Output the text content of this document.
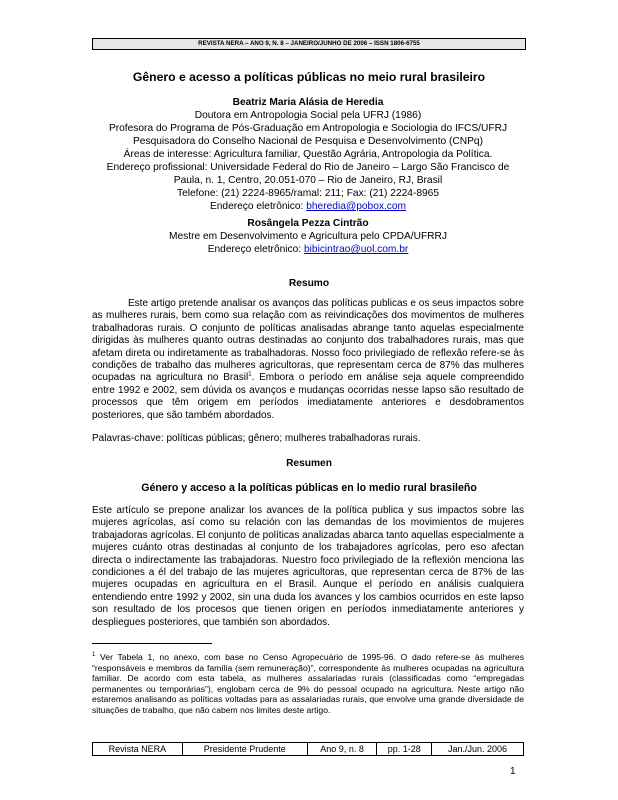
REVISTA NERA – ANO 9, N. 8 – JANEIRO/JUNHO DE 2006 – ISSN 1806-6755
Gênero e acesso a políticas públicas no meio rural brasileiro
Beatriz Maria Alásia de Heredia
Doutora em Antropologia Social pela UFRJ (1986)
Profesora do Programa de Pós-Graduação em Antropologia e Sociologia do IFCS/UFRJ
Pesquisadora do Conselho Nacional de Pesquisa e Desenvolvimento (CNPq)
Áreas de interesse: Agricultura familiar, Questão Agrária, Antropologia da Política.
Endereço profissional: Universidade Federal do Rio de Janeiro – Largo São Francisco de
Paula, n. 1, Centro, 20.051-070 – Rio de Janeiro, RJ, Brasil
Telefone: (21) 2224-8965/ramal: 211; Fax: (21) 2224-8965
Endereço eletrônico: bheredia@pobox.com
Rosângela Pezza Cintrão
Mestre em Desenvolvimento e Agricultura pelo CPDA/UFRRJ
Endereço eletrônico: bibicintrao@uol.com.br
Resumo

Este artigo pretende analisar os avanços das políticas publicas e os seus impactos sobre as mulheres rurais, bem como sua relação com as reivindicações dos movimentos de mulheres trabalhadoras rurais. O conjunto de políticas analisadas abrange tanto aquelas especialmente dirigidas às mulheres quanto outras destinadas ao conjunto dos trabalhadores rurais, mas que afetam direta ou indiretamente as trabalhadoras. Nosso foco privilegiado de reflexão refere-se às condições de trabalho das mulheres agricultoras, que representam cerca de 87% das mulheres ocupadas na agricultura no Brasil$^1$. Embora o período em análise seja aquele compreendido entre 1992 e 2002, sem dúvida os avanços e mudanças ocorridas nesse lapso são resultado de processos que têm origem em períodos imediatamente anteriores e desdobramentos posteriores, que são também abordados.

Palavras-chave: políticas públicas; gênero; mulheres trabalhadoras rurais.
Resumen
Género y acceso a la políticas públicas en lo medio rural brasileño

Este artículo se prepone analizar los avances de la política publica y sus impactos sobre las mujeres agrícolas, así como su relación con las demandas de los movimientos de mujeres trabajadoras agrícolas. El conjunto de políticas analizadas abarca tanto aquellas especialmente a mujeres cuánto otras destinadas al conjunto de los trabajadores agrícolas, pero eso afectan directa o indirectamente las trabajadoras. Nuestro foco privilegiado de la reflexión menciona las condiciones a él del trabajo de las mujeres agricultoras, que representan cerca de 87% de las mujeres ocupadas en agricultura en el Brasil. Aunque el período en análisis cualquiera entendiendo entre 1992 y 2002, sin una duda los avances y los cambios ocurridos en este lapso son resultado de los procesos que tienen origen en períodos inmediatamente anteriores y despliegues posteriores, que también son abordados.

$^1$ Ver Tabela 1, no anexo, com base no Censo Agropecuário de 1995-96. O dado refere-se às mulheres “responsáveis e membros da família (sem remuneração)”, correspondente às mulheres ocupadas na agricultura familiar. De acordo com esta tabela, as mulheres assalariadas rurais (classificadas como “empregadas permanentes ou temporárias”), englobam cerca de 9% do pessoal ocupado na agricultura. Neste artigo não estaremos analisando as políticas voltadas para as assalariadas rurais, que envolve uma grande diversidade de situações de trabalho, que não cabem nos limites deste artigo.
Revista NERA	Presidente Prudente	Ano 9, n. 8	pp. 1-28	Jan./Jun. 2006
1
